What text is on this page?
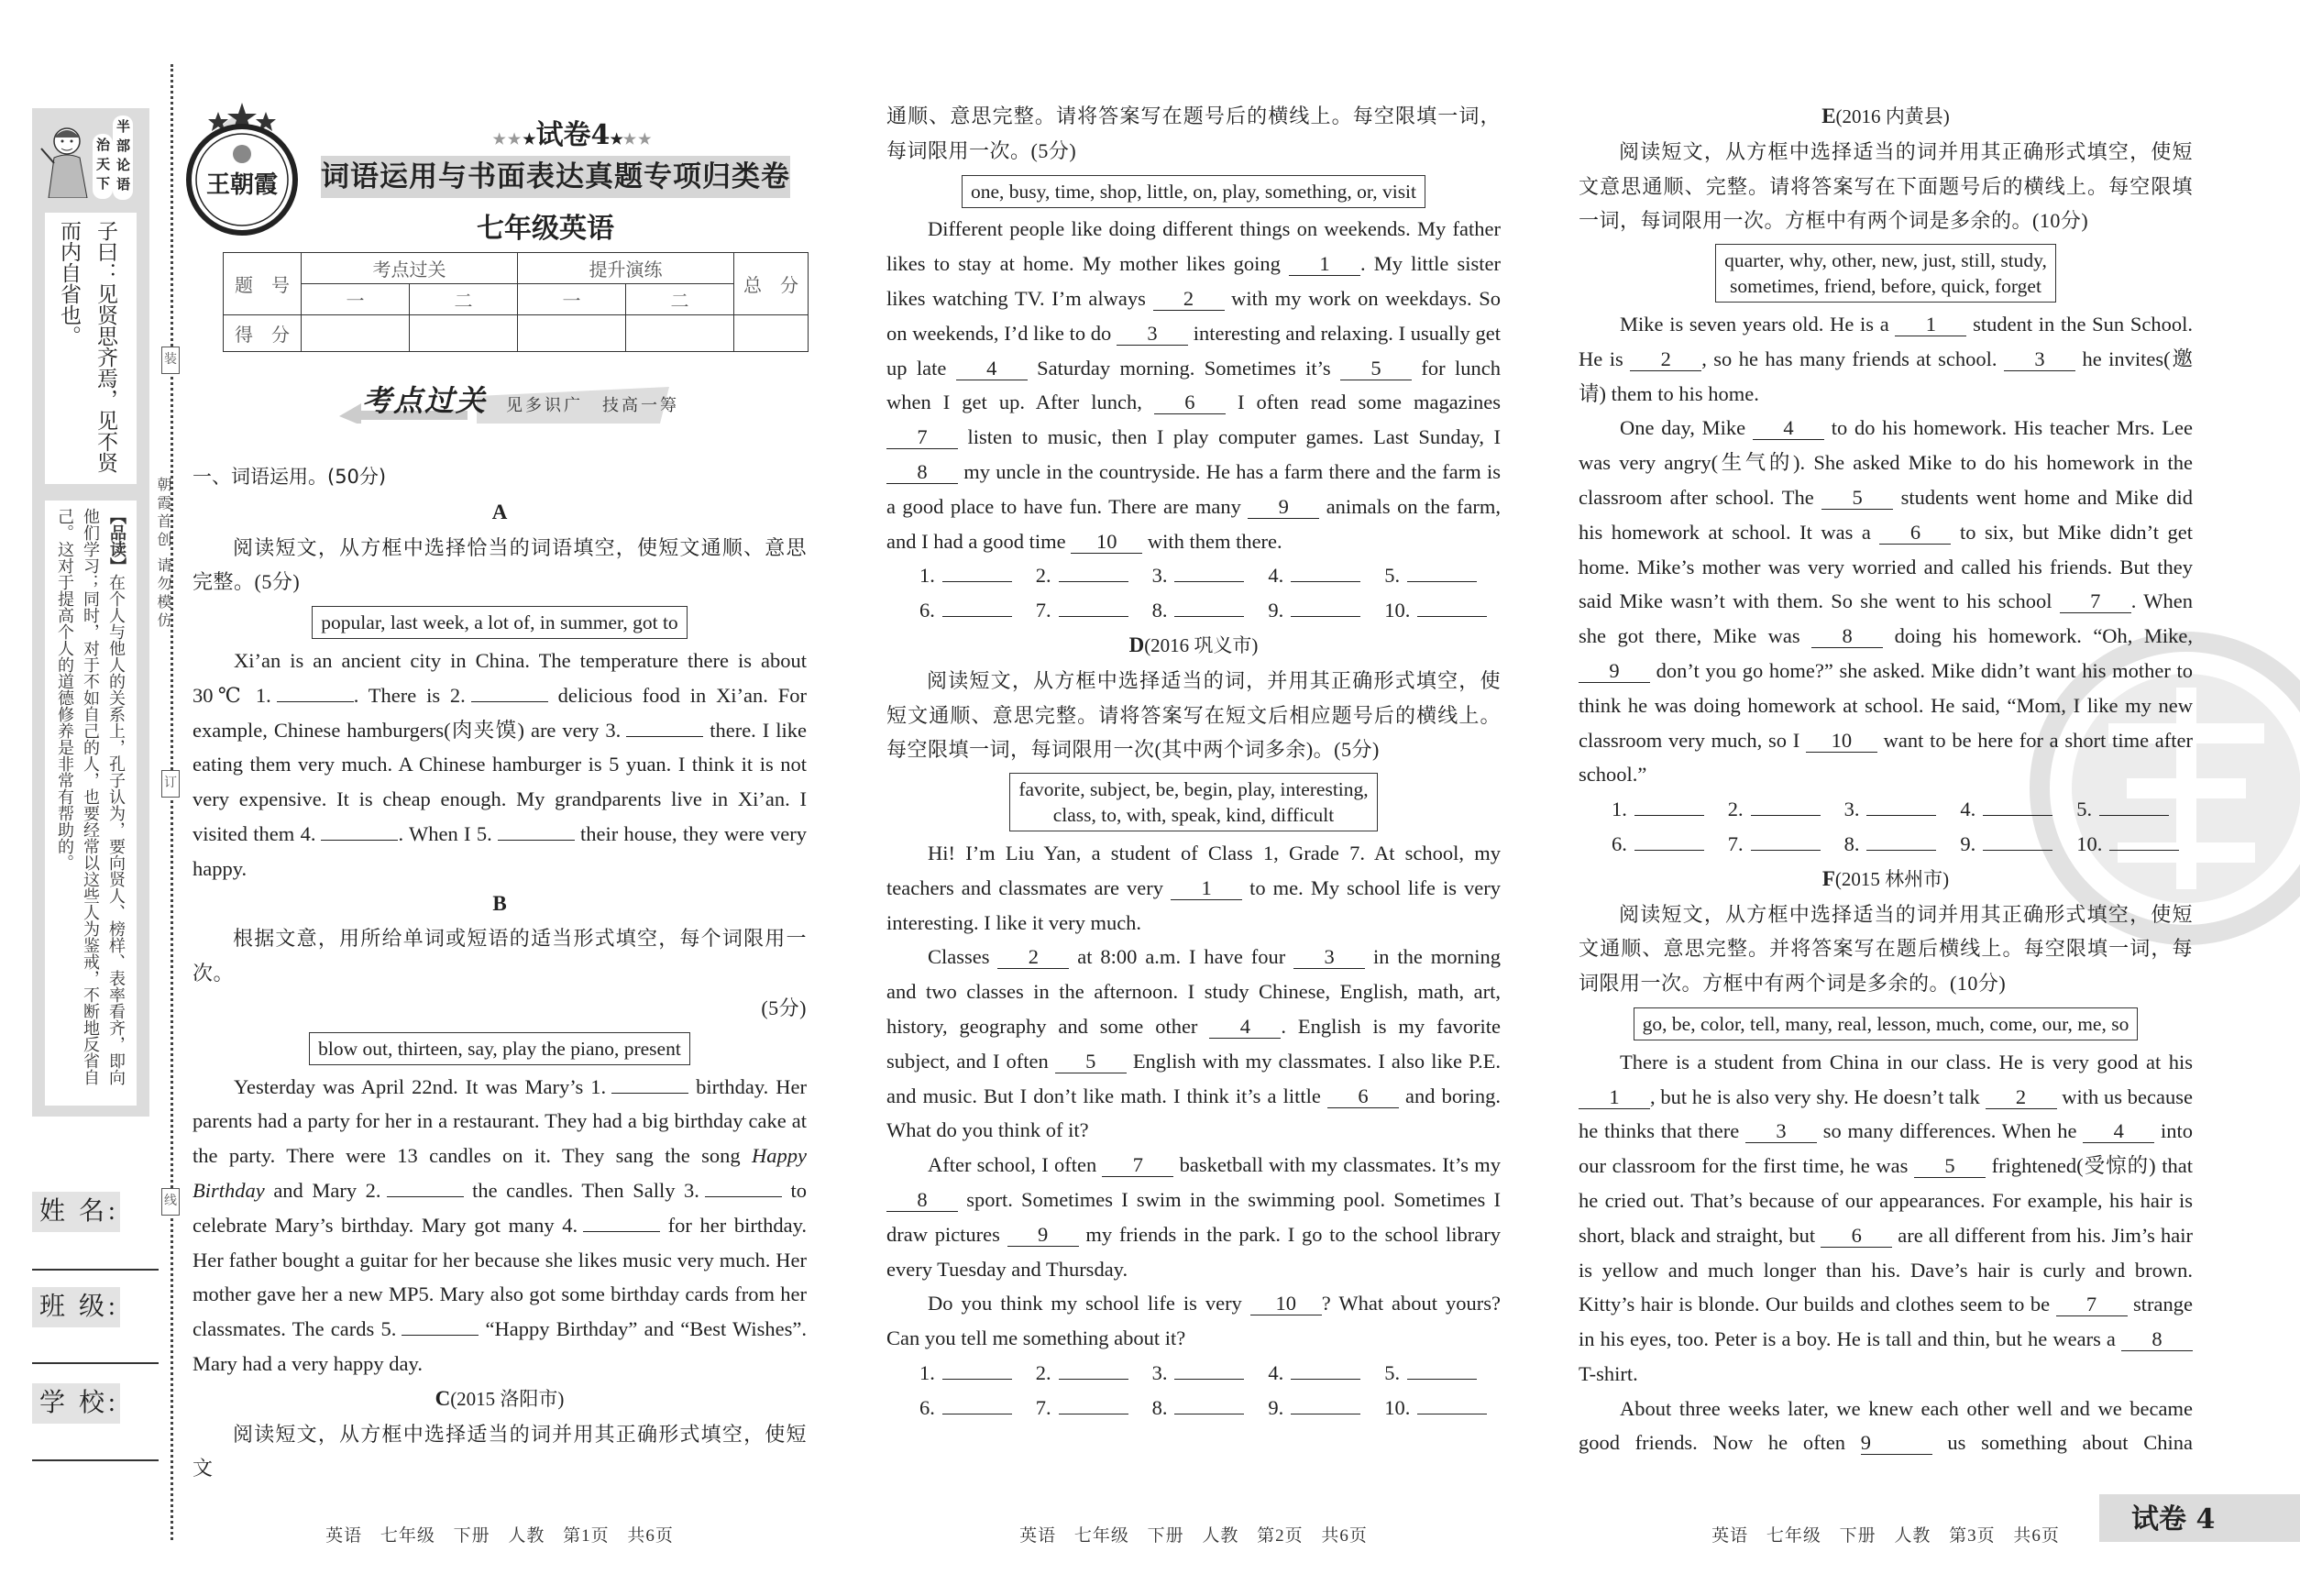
半部论语
治天下
子曰：见贤思齐焉，见不贤而内自省也。
【品读】在个人与他人的关系上，孔子认为，要向贤人、榜样、表率看齐，即向他们学习；同时，对于不如自己的人，也要经常以这些人为鉴戒，不断地反省自己。这对于提高个人的道德修养是非常有帮助的。
姓 名:
班 级:
学 校:
朝霞首创 请勿模仿
装
订
线
王朝霞
★★★试卷4★★★
词语运用与书面表达真题专项归类卷
七年级英语
题　号	考点过关		提升演练		总　分
	一	二	一	二	
得　分					
考点过关 见多识广　技高一筹

一、词语运用。(50分)

A

阅读短文，从方框中选择恰当的词语填空，使短文通顺、意思完整。(5分)

popular, last week, a lot of, in summer, got to

Xi’an is an ancient city in China. The temperature there is about 30℃ 1.	. There is 2.	delicious food in Xi’an. For example, Chinese hamburgers(肉夹馍) are very 3.	there. I like eating them very much. A Chinese hamburger is 5 yuan. I think it is not very expensive. It is cheap enough. My grandparents live in Xi’an. I visited them 4.	. When I 5.	their house, they were very happy.

B

根据文意，用所给单词或短语的适当形式填空，每个词限用一次。

(5分)

blow out, thirteen, say, play the piano, present

Yesterday was April 22nd. It was Mary’s 1.	birthday. Her parents had a party for her in a restaurant. They had a big birthday cake at the party. There were 13 candles on it. They sang the song Happy Birthday and Mary 2.	the candles. Then Sally 3.	to celebrate Mary’s birthday. Mary got many 4.	for her birthday. Her father bought a guitar for her because she likes music very much. Her mother gave her a new MP5. Mary also got some birthday cards from her classmates. The cards 5.	“Happy Birthday” and “Best Wishes”. Mary had a very happy day.

C(2015 洛阳市)

阅读短文，从方框中选择适当的词并用其正确形式填空，使短文

通顺、意思完整。请将答案写在题号后的横线上。每空限填一词，每词限用一次。(5分)

one, busy, time, shop, little, on, play, something, or, visit

Different people like doing different things on weekends. My father likes to stay at home. My mother likes going 1 . My little sister likes watching TV. I’m always 2 with my work on weekdays. So on weekends, I’d like to do 3 interesting and relaxing. I usually get up late 4 Saturday morning. Sometimes it’s 5 for lunch when I get up. After lunch, 6 I often read some magazines 7 listen to music, then I play computer games. Last Sunday, I 8 my uncle in the countryside. He has a farm there and the farm is a good place to have fun. There are many 9 animals on the farm, and I had a good time 10 with them there.

1.	2.	3.	4.	5.
6.	7.	8.	9.	10.

D(2016 巩义市)

阅读短文，从方框中选择适当的词，并用其正确形式填空，使短文通顺、意思完整。请将答案写在短文后相应题号后的横线上。每空限填一词，每词限用一次(其中两个词多余)。(5分)

favorite, subject, be, begin, play, interesting,
class, to, with, speak, kind, difficult

Hi! I’m Liu Yan, a student of Class 1, Grade 7. At school, my teachers and classmates are very 1 to me. My school life is very interesting. I like it very much.

Classes 2 at 8:00 a.m. I have four 3 in the morning and two classes in the afternoon. I study Chinese, English, math, art, history, geography and some other 4 . English is my favorite subject, and I often 5 English with my classmates. I also like P.E. and music. But I don’t like math. I think it’s a little 6 and boring. What do you think of it?

After school, I often 7 basketball with my classmates. It’s my 8 sport. Sometimes I swim in the swimming pool. Sometimes I draw pictures 9 my friends in the park. I go to the school library every Tuesday and Thursday.

Do you think my school life is very 10 ? What about yours? Can you tell me something about it?

1.	2.	3.	4.	5.
6.	7.	8.	9.	10.

E(2016 内黄县)

阅读短文，从方框中选择适当的词并用其正确形式填空，使短文意思通顺、完整。请将答案写在下面题号后的横线上。每空限填一词，每词限用一次。方框中有两个词是多余的。(10分)

quarter, why, other, new, just, still, study,
sometimes, friend, before, quick, forget

Mike is seven years old. He is a 1 student in the Sun School. He is 2 , so he has many friends at school. 3 he invites(邀请) them to his home.

One day, Mike 4 to do his homework. His teacher Mrs. Lee was very angry(生气的). She asked Mike to do his homework in the classroom after school. The 5 students went home and Mike did his homework at school. It was a 6 to six, but Mike didn’t get home. Mike’s mother was very worried and called his friends. But they said Mike wasn’t with them. So she went to his school 7 . When she got there, Mike was 8 doing his homework. “Oh, Mike, 9 don’t you go home?” she asked. Mike didn’t want his mother to think he was doing homework at school. He said, “Mom, I like my new classroom very much, so I 10 want to be here for a short time after school.”

1.	2.	3.	4.	5.
6.	7.	8.	9.	10.

F(2015 林州市)

阅读短文，从方框中选择适当的词并用其正确形式填空，使短文通顺、意思完整。并将答案写在题后横线上。每空限填一词，每词限用一次。方框中有两个词是多余的。(10分)

go, be, color, tell, many, real, lesson, much, come, our, me, so

There is a student from China in our class. He is very good at his 1 , but he is also very shy. He doesn’t talk 2 with us because he thinks that there 3 so many differences. When he 4 into our classroom for the first time, he was 5 frightened(受惊的) that he cried out. That’s because of our appearances. For example, his hair is short, black and straight, but 6 are all different from his. Jim’s hair is yellow and much longer than his. Dave’s hair is curly and brown. Kitty’s hair is blonde. Our builds and clothes seem to be 7 strange in his eyes, too. Peter is a boy. He is tall and thin, but he wears a 8 T-shirt.

About three weeks later, we knew each other well and we became good friends. Now he often 9	us something about China

英语 七年级 下册 人教 第1页 共6页	英语 七年级 下册 人教 第2页 共6页	英语 七年级 下册 人教 第3页 共6页
试卷 4
